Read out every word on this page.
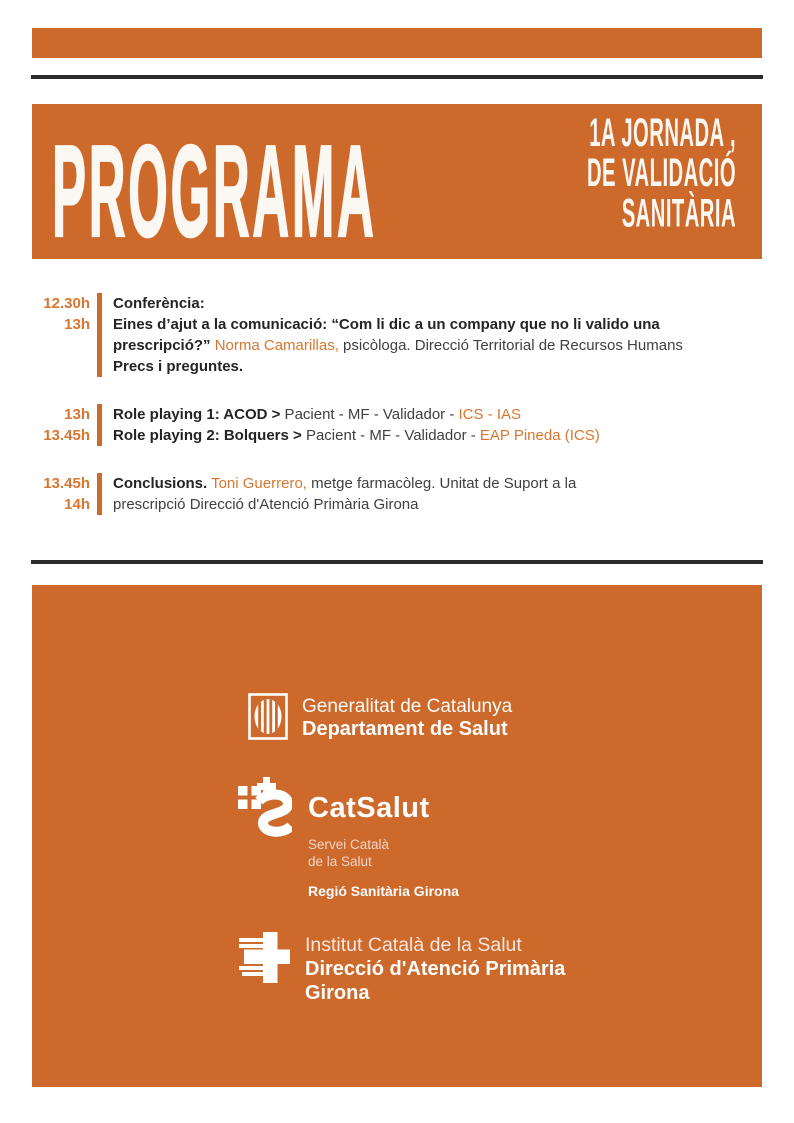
PROGRAMA	1A JORNADA ,
DE VALIDACIÓ
SANITÀRIA
12.30h
13h
Conferència:
Eines d’ajut a la comunicació: “Com li dic a un company que no li valido una
prescripció?” Norma Camarillas, psicòloga. Direcció Territorial de Recursos Humans
Precs i preguntes.
13h
13.45h
Role playing 1: ACOD > Pacient - MF - Validador - ICS - IAS
Role playing 2: Bolquers > Pacient - MF - Validador - EAP Pineda (ICS)
13.45h
14h
Conclusions. Toni Guerrero, metge farmacòleg. Unitat de Suport a la
prescripció Direcció d'Atenció Primària Girona
Generalitat de Catalunya
Departament de Salut
CatSalut
Servei Català
de la Salut
Regió Sanitària Girona
Institut Català de la Salut
Direcció d'Atenció Primària
Girona
